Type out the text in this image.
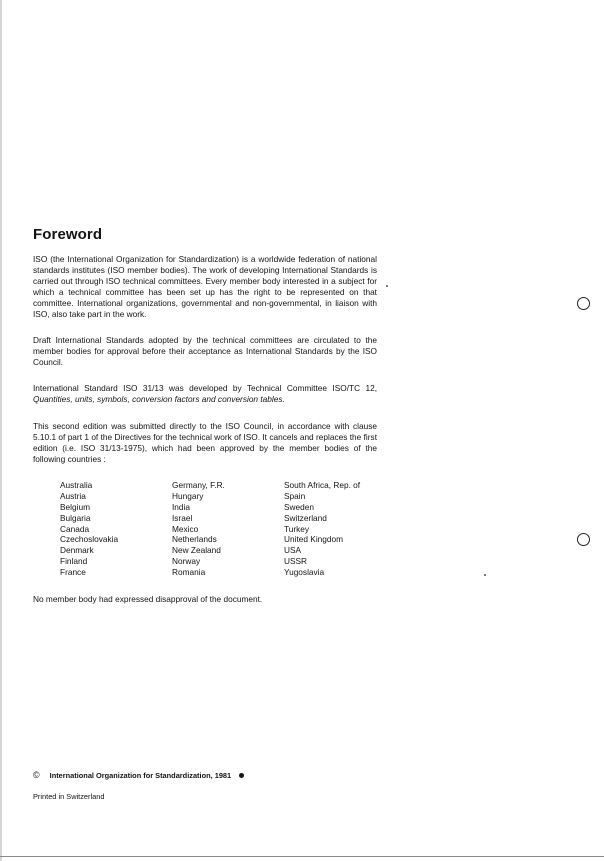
Foreword

ISO (the International Organization for Standardization) is a worldwide federation of national standards institutes (ISO member bodies). The work of developing International Standards is carried out through ISO technical committees. Every member body interested in a subject for which a technical committee has been set up has the right to be represented on that committee. International organizations, governmental and non-governmental, in liaison with ISO, also take part in the work.

Draft International Standards adopted by the technical committees are circulated to the member bodies for approval before their acceptance as International Standards by the ISO Council.

International Standard ISO 31/13 was developed by Technical Committee ISO/TC 12, Quantities, units, symbols, conversion factors and conversion tables.

This second edition was submitted directly to the ISO Council, in accordance with clause 5.10.1 of part 1 of the Directives for the technical work of ISO. It cancels and replaces the first edition (i.e. ISO 31/13-1975), which had been approved by the member bodies of the following countries :

Australia
Austria
Belgium
Bulgaria
Canada
Czechoslovakia
Denmark
Finland
France
Germany, F.R.
Hungary
India
Israel
Mexico
Netherlands
New Zealand
Norway
Romania
South Africa, Rep. of
Spain
Sweden
Switzerland
Turkey
United Kingdom
USA
USSR
Yugoslavia

No member body had expressed disapproval of the document.

© International Organization for Standardization, 1981
Printed in Switzerland
